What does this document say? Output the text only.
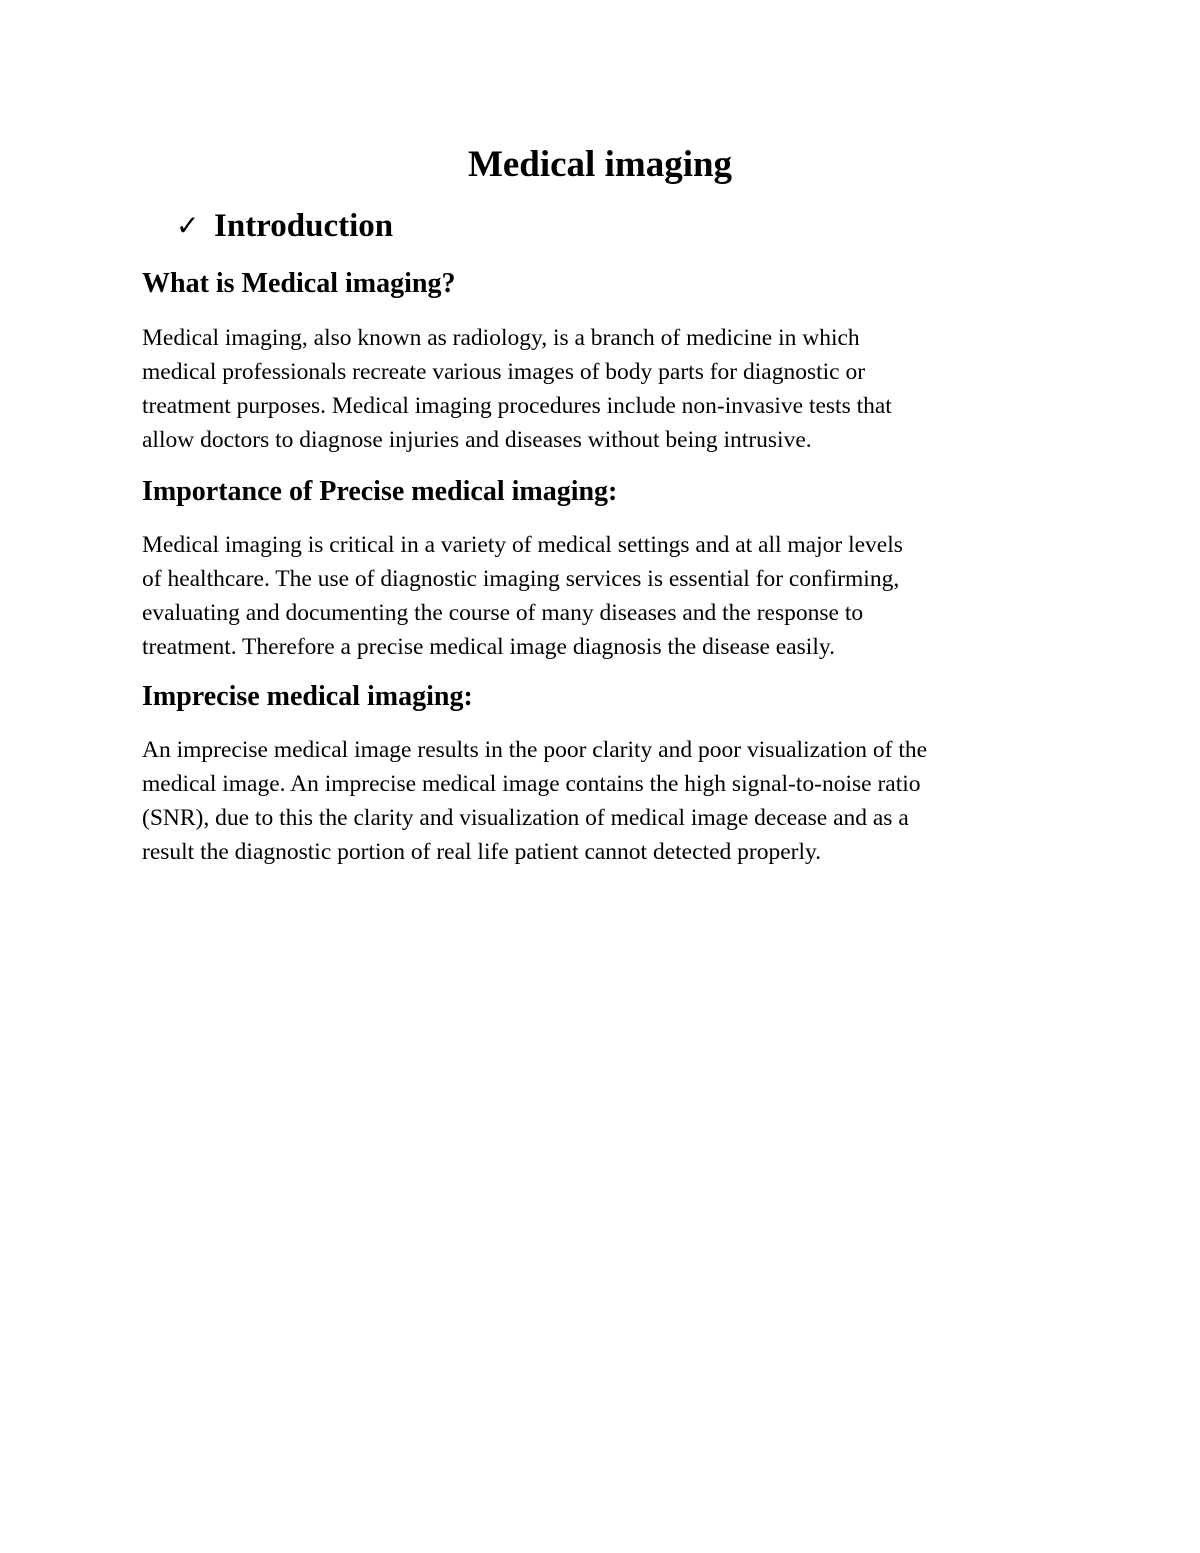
Medical imaging
✓ Introduction
What is Medical imaging?

Medical imaging, also known as radiology, is a branch of medicine in which
medical professionals recreate various images of body parts for diagnostic or
treatment purposes. Medical imaging procedures include non-invasive tests that
allow doctors to diagnose injuries and diseases without being intrusive.

Importance of Precise medical imaging:

Medical imaging is critical in a variety of medical settings and at all major levels
of healthcare. The use of diagnostic imaging services is essential for confirming,
evaluating and documenting the course of many diseases and the response to
treatment. Therefore a precise medical image diagnosis the disease easily.

Imprecise medical imaging:

An imprecise medical image results in the poor clarity and poor visualization of the
medical image. An imprecise medical image contains the high signal-to-noise ratio
(SNR), due to this the clarity and visualization of medical image decease and as a
result the diagnostic portion of real life patient cannot detected properly.
